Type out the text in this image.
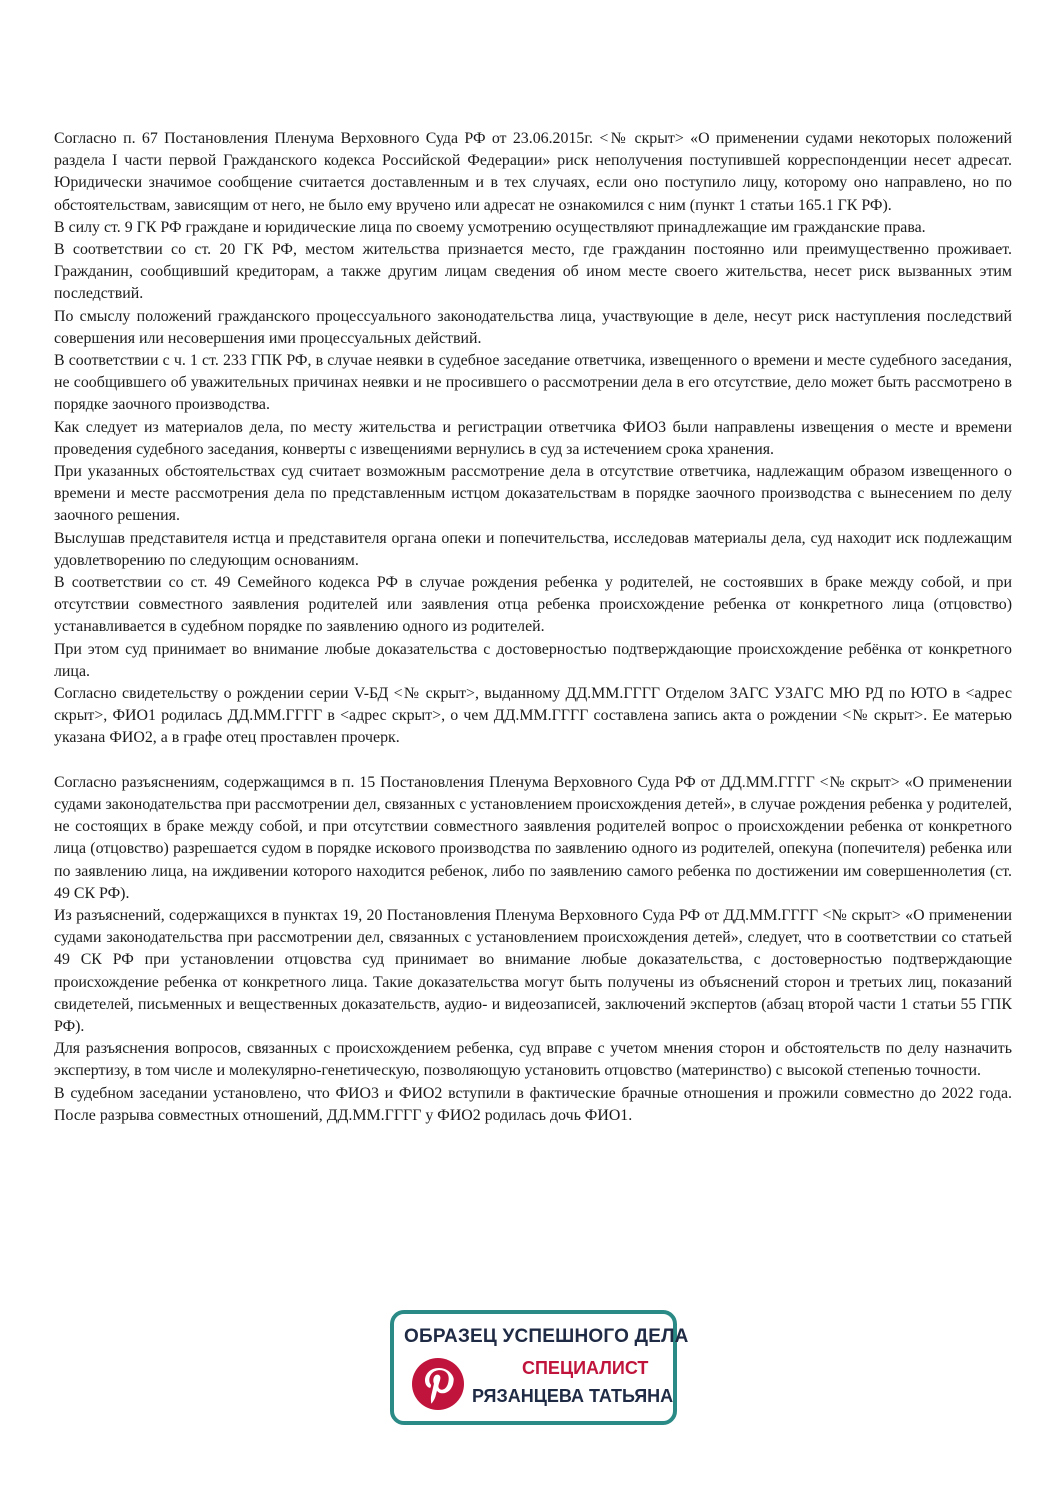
Согласно п. 67 Постановления Пленума Верховного Суда РФ от 23.06.2015г. <№ скрыт> «О применении судами некоторых положений раздела I части первой Гражданского кодекса Российской Федерации» риск неполучения поступившей корреспонденции несет адресат. Юридически значимое сообщение считается доставленным и в тех случаях, если оно поступило лицу, которому оно направлено, но по обстоятельствам, зависящим от него, не было ему вручено или адресат не ознакомился с ним (пункт 1 статьи 165.1 ГК РФ).

В силу ст. 9 ГК РФ граждане и юридические лица по своему усмотрению осуществляют принадлежащие им гражданские права.

В соответствии со ст. 20 ГК РФ, местом жительства признается место, где гражданин постоянно или преимущественно проживает. Гражданин, сообщивший кредиторам, а также другим лицам сведения об ином месте своего жительства, несет риск вызванных этим последствий.

По смыслу положений гражданского процессуального законодательства лица, участвующие в деле, несут риск наступления последствий совершения или несовершения ими процессуальных действий.

В соответствии с ч. 1 ст. 233 ГПК РФ, в случае неявки в судебное заседание ответчика, извещенного о времени и месте судебного заседания, не сообщившего об уважительных причинах неявки и не просившего о рассмотрении дела в его отсутствие, дело может быть рассмотрено в порядке заочного производства.

Как следует из материалов дела, по месту жительства и регистрации ответчика ФИО3 были направлены извещения о месте и времени проведения судебного заседания, конверты с извещениями вернулись в суд за истечением срока хранения.

При указанных обстоятельствах суд считает возможным рассмотрение дела в отсутствие ответчика, надлежащим образом извещенного о времени и месте рассмотрения дела по представленным истцом доказательствам в порядке заочного производства с вынесением по делу заочного решения.

Выслушав представителя истца и представителя органа опеки и попечительства, исследовав материалы дела, суд находит иск подлежащим удовлетворению по следующим основаниям.

В соответствии со ст. 49 Семейного кодекса РФ в случае рождения ребенка у родителей, не состоявших в браке между собой, и при отсутствии совместного заявления родителей или заявления отца ребенка происхождение ребенка от конкретного лица (отцовство) устанавливается в судебном порядке по заявлению одного из родителей.

При этом суд принимает во внимание любые доказательства с достоверностью подтверждающие происхождение ребёнка от конкретного лица.

Согласно свидетельству о рождении серии V-БД <№ скрыт>, выданному ДД.ММ.ГГГГ Отделом ЗАГС УЗАГС МЮ РД по ЮТО в <адрес скрыт>, ФИО1 родилась ДД.ММ.ГГГГ в <адрес скрыт>, о чем ДД.ММ.ГГГГ составлена запись акта о рождении <№ скрыт>. Ее матерью указана ФИО2, а в графе отец проставлен прочерк.

Согласно разъяснениям, содержащимся в п. 15 Постановления Пленума Верховного Суда РФ от ДД.ММ.ГГГГ <№ скрыт> «О применении судами законодательства при рассмотрении дел, связанных с установлением происхождения детей», в случае рождения ребенка у родителей, не состоящих в браке между собой, и при отсутствии совместного заявления родителей вопрос о происхождении ребенка от конкретного лица (отцовство) разрешается судом в порядке искового производства по заявлению одного из родителей, опекуна (попечителя) ребенка или по заявлению лица, на иждивении которого находится ребенок, либо по заявлению самого ребенка по достижении им совершеннолетия (ст. 49 СК РФ).

Из разъяснений, содержащихся в пунктах 19, 20 Постановления Пленума Верховного Суда РФ от ДД.ММ.ГГГГ <№ скрыт> «О применении судами законодательства при рассмотрении дел, связанных с установлением происхождения детей», следует, что в соответствии со статьей 49 СК РФ при установлении отцовства суд принимает во внимание любые доказательства, с достоверностью подтверждающие происхождение ребенка от конкретного лица. Такие доказательства могут быть получены из объяснений сторон и третьих лиц, показаний свидетелей, письменных и вещественных доказательств, аудио- и видеозаписей, заключений экспертов (абзац второй части 1 статьи 55 ГПК РФ).

Для разъяснения вопросов, связанных с происхождением ребенка, суд вправе с учетом мнения сторон и обстоятельств по делу назначить экспертизу, в том числе и молекулярно-генетическую, позволяющую установить отцовство (материнство) с высокой степенью точности.

В судебном заседании установлено, что ФИО3 и ФИО2 вступили в фактические брачные отношения и прожили совместно до 2022 года. После разрыва совместных отношений, ДД.ММ.ГГГГ у ФИО2 родилась дочь ФИО1.

ОБРАЗЕЦ УСПЕШНОГО ДЕЛА
СПЕЦИАЛИСТ
РЯЗАНЦЕВА ТАТЬЯНА
